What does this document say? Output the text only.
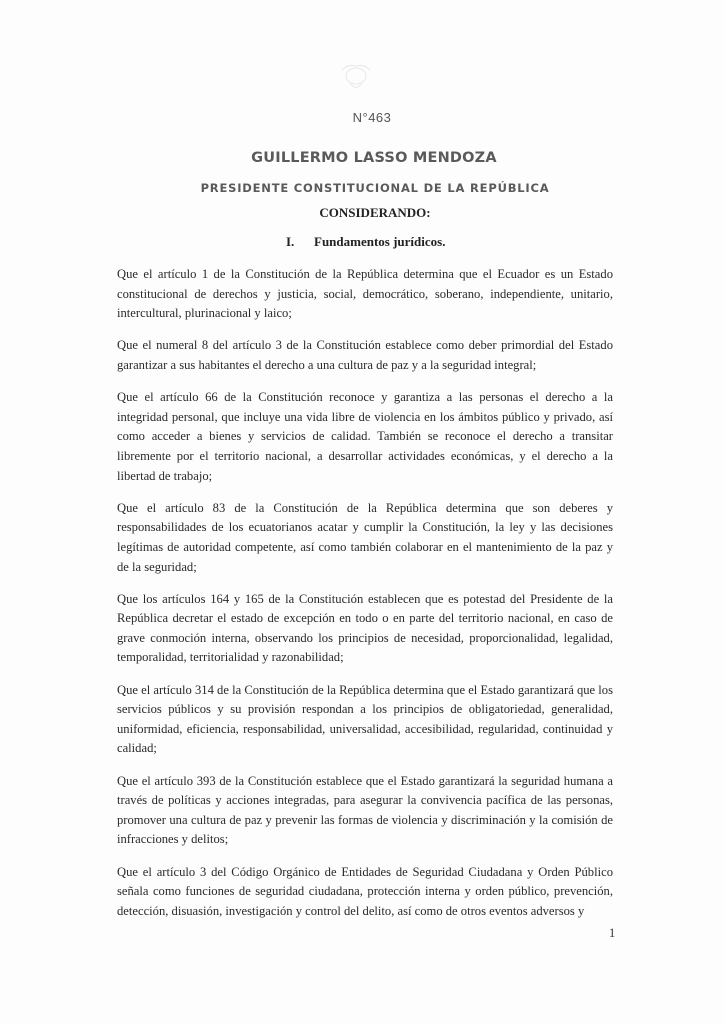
N°463
GUILLERMO LASSO MENDOZA
PRESIDENTE CONSTITUCIONAL DE LA REPÚBLICA
CONSIDERANDO:
I. Fundamentos jurídicos.

Que el artículo 1 de la Constitución de la República determina que el Ecuador es un Estado constitucional de derechos y justicia, social, democrático, soberano, independiente, unitario, intercultural, plurinacional y laico;

Que el numeral 8 del artículo 3 de la Constitución establece como deber primordial del Estado garantizar a sus habitantes el derecho a una cultura de paz y a la seguridad integral;

Que el artículo 66 de la Constitución reconoce y garantiza a las personas el derecho a la integridad personal, que incluye una vida libre de violencia en los ámbitos público y privado, así como acceder a bienes y servicios de calidad. También se reconoce el derecho a transitar libremente por el territorio nacional, a desarrollar actividades económicas, y el derecho a la libertad de trabajo;

Que el artículo 83 de la Constitución de la República determina que son deberes y responsabilidades de los ecuatorianos acatar y cumplir la Constitución, la ley y las decisiones legítimas de autoridad competente, así como también colaborar en el mantenimiento de la paz y de la seguridad;

Que los artículos 164 y 165 de la Constitución establecen que es potestad del Presidente de la República decretar el estado de excepción en todo o en parte del territorio nacional, en caso de grave conmoción interna, observando los principios de necesidad, proporcionalidad, legalidad, temporalidad, territorialidad y razonabilidad;

Que el artículo 314 de la Constitución de la República determina que el Estado garantizará que los servicios públicos y su provisión respondan a los principios de obligatoriedad, generalidad, uniformidad, eficiencia, responsabilidad, universalidad, accesibilidad, regularidad, continuidad y calidad;

Que el artículo 393 de la Constitución establece que el Estado garantizará la seguridad humana a través de políticas y acciones integradas, para asegurar la convivencia pacífica de las personas, promover una cultura de paz y prevenir las formas de violencia y discriminación y la comisión de infracciones y delitos;

Que el artículo 3 del Código Orgánico de Entidades de Seguridad Ciudadana y Orden Público señala como funciones de seguridad ciudadana, protección interna y orden público, prevención, detección, disuasión, investigación y control del delito, así como de otros eventos adversos y

1
